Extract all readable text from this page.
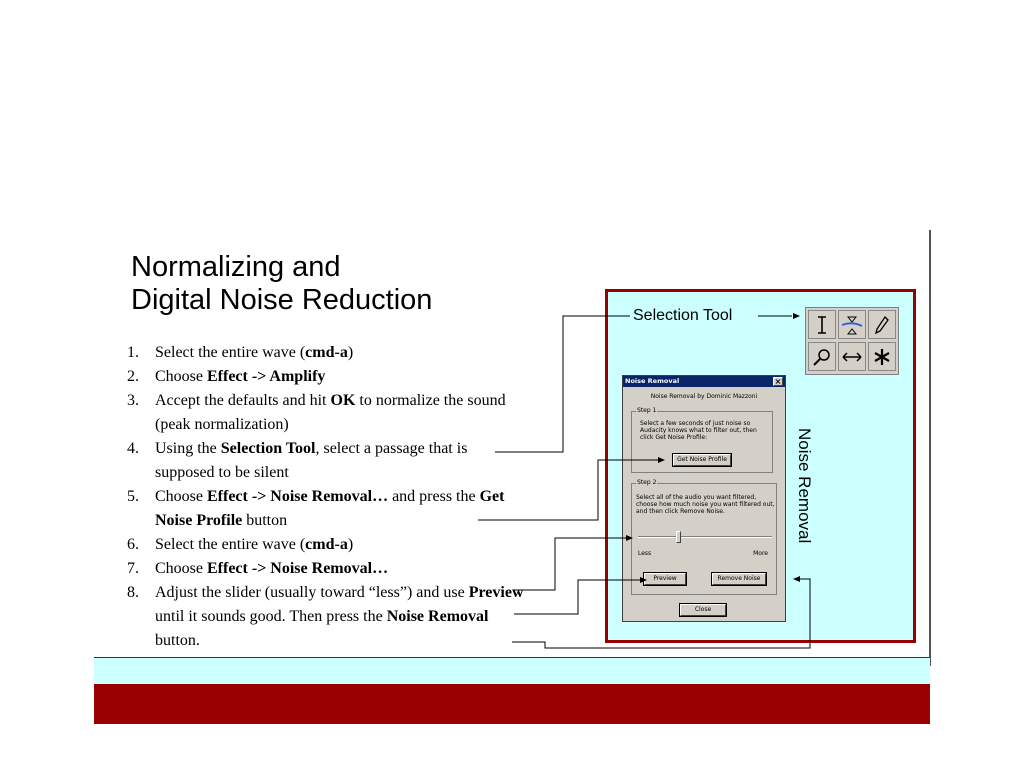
Normalizing and
Digital Noise Reduction
1. Select the entire wave (cmd-a)
2. Choose Effect -> Amplify
3. Accept the defaults and hit OK to normalize the sound (peak normalization)
4. Using the Selection Tool, select a passage that is supposed to be silent
5. Choose Effect -> Noise Removal… and press the Get Noise Profile button
6. Select the entire wave (cmd-a)
7. Choose Effect -> Noise Removal…
8. Adjust the slider (usually toward “less”) and use Preview until it sounds good. Then press the Noise Removal button.
Selection Tool
Noise Removal
Noise Removal	×
Noise Removal by Dominic Mazzoni
Step 1
Select a few seconds of just noise so Audacity knows what to filter out, then click Get Noise Profile:
Get Noise Profile
Step 2
Select all of the audio you want filtered, choose how much noise you want filtered out, and then click Remove Noise.
Less	More
Preview	Remove Noise
Close
